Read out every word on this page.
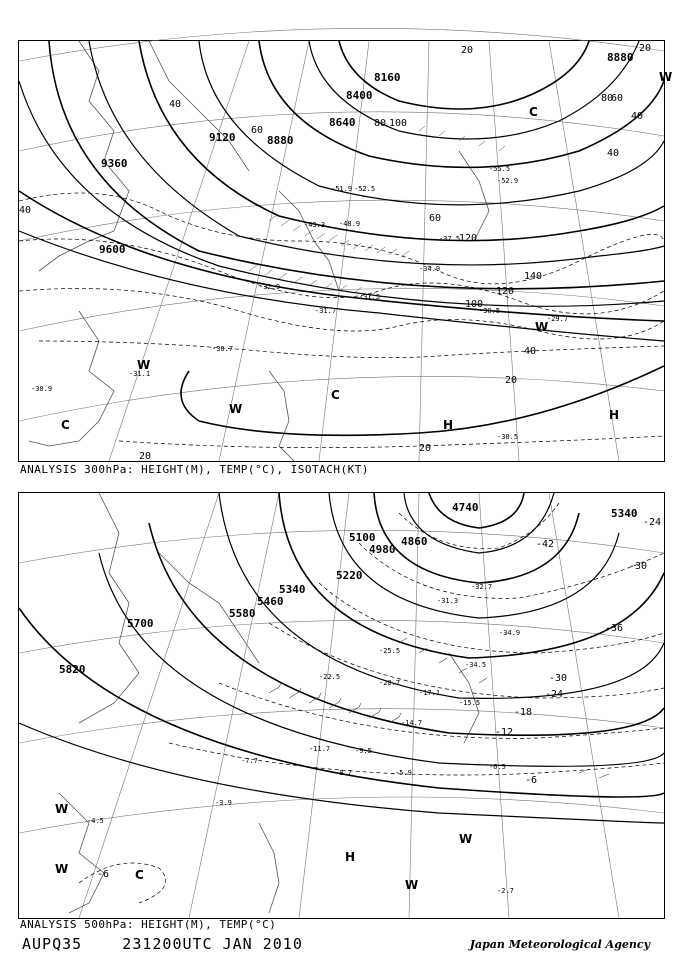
8160
8400
8640
8880
9120
9360
9600
8880
20
40
60
80 100
120
140
20
40
60
80
100
120
40
20
20
20
40
60
40
C
C
W
W
C
H
H
W
W
-52.5
-51.9
-48.9
-37.5
-34.9
-31.5
-31.7	-30.5
-29.7
-30.7
-32.9
-43.3
-55.5
-52.9
-31.1
-30.9
-30.5
ANALYSIS 300hPa: HEIGHT(M), TEMP(°C), ISOTACH(KT)
4740
4860
4980
5100
5220
5340
5460
5580
5700
5820
5340
-42
-36
-30
-30
-24
-24
-18
-12
-6
-6
H
W
W
C
W
W
-31.3
-32.7
-34.9
-34.5
-25.5
-22.5
-20.7
-17.1
-15.5
-14.7
-11.7	-9.5
-8.7
-7.7
-5.9
-6.5
-4.5
-2.7
-3.9
ANALYSIS 500hPa: HEIGHT(M), TEMP(°C)
AUPQ35    231200UTC JAN 2010	Japan Meteorological Agency
